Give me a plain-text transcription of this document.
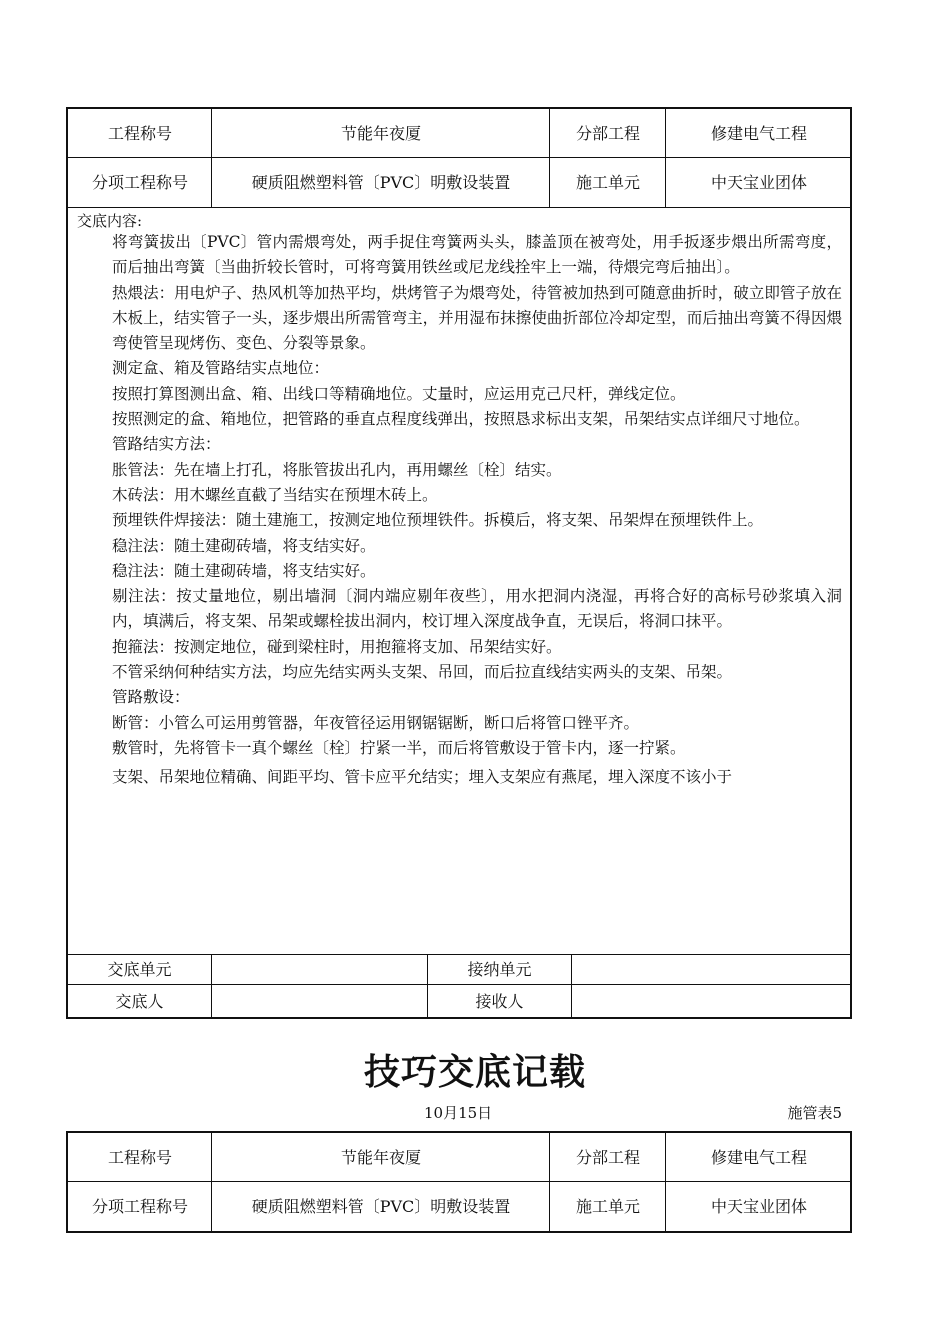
工程称号	节能年夜厦	分部工程	修建电气工程
分项工程称号	硬质阻燃塑料管〔PVC〕明敷设装置	施工单元	中天宝业团体
交底内容:

将弯簧拔出〔PVC〕管内需煨弯处，两手捉住弯簧两头头，膝盖顶在被弯处，用手扳逐步煨出所需弯度，而后抽出弯簧〔当曲折较长管时，可将弯簧用铁丝或尼龙线拴牢上一端，待煨完弯后抽出〕。

热煨法：用电炉子、热风机等加热平均，烘烤管子为煨弯处，待管被加热到可随意曲折时，破立即管子放在木板上，结实管子一头，逐步煨出所需管弯主，并用湿布抹擦使曲折部位冷却定型，而后抽出弯簧不得因煨弯使管呈现烤伤、变色、分裂等景象。

测定盒、箱及管路结实点地位：

按照打算图测出盒、箱、出线口等精确地位。丈量时，应运用克己尺杆，弹线定位。

按照测定的盒、箱地位，把管路的垂直点程度线弹出，按照恳求标出支架，吊架结实点详细尺寸地位。

管路结实方法：

胀管法：先在墙上打孔，将胀管拔出孔内，再用螺丝〔栓〕结实。

木砖法：用木螺丝直截了当结实在预埋木砖上。

预埋铁件焊接法：随土建施工，按测定地位预埋铁件。拆模后，将支架、吊架焊在预埋铁件上。

稳注法：随土建砌砖墙，将支结实好。

稳注法：随土建砌砖墙，将支结实好。

剔注法：按丈量地位，剔出墙洞〔洞内端应剔年夜些〕，用水把洞内浇湿，再将合好的高标号砂浆填入洞内，填满后，将支架、吊架或螺栓拔出洞内，校订埋入深度战争直，无误后，将洞口抹平。

抱箍法：按测定地位，碰到梁柱时，用抱箍将支加、吊架结实好。

不管采纳何种结实方法，均应先结实两头支架、吊回，而后拉直线结实两头的支架、吊架。

管路敷设：

断管：小管么可运用剪管器，年夜管径运用钢锯锯断，断口后将管口锉平齐。

敷管时，先将管卡一真个螺丝〔栓〕拧紧一半，而后将管敷设于管卡内，逐一拧紧。

支架、吊架地位精确、间距平均、管卡应平允结实；埋入支架应有燕尾，埋入深度不该小于

交底单元	接纳单元
交底人	接收人
技巧交底记载
10月15日	施管表5
工程称号	节能年夜厦	分部工程	修建电气工程
分项工程称号	硬质阻燃塑料管〔PVC〕明敷设装置	施工单元	中天宝业团体
